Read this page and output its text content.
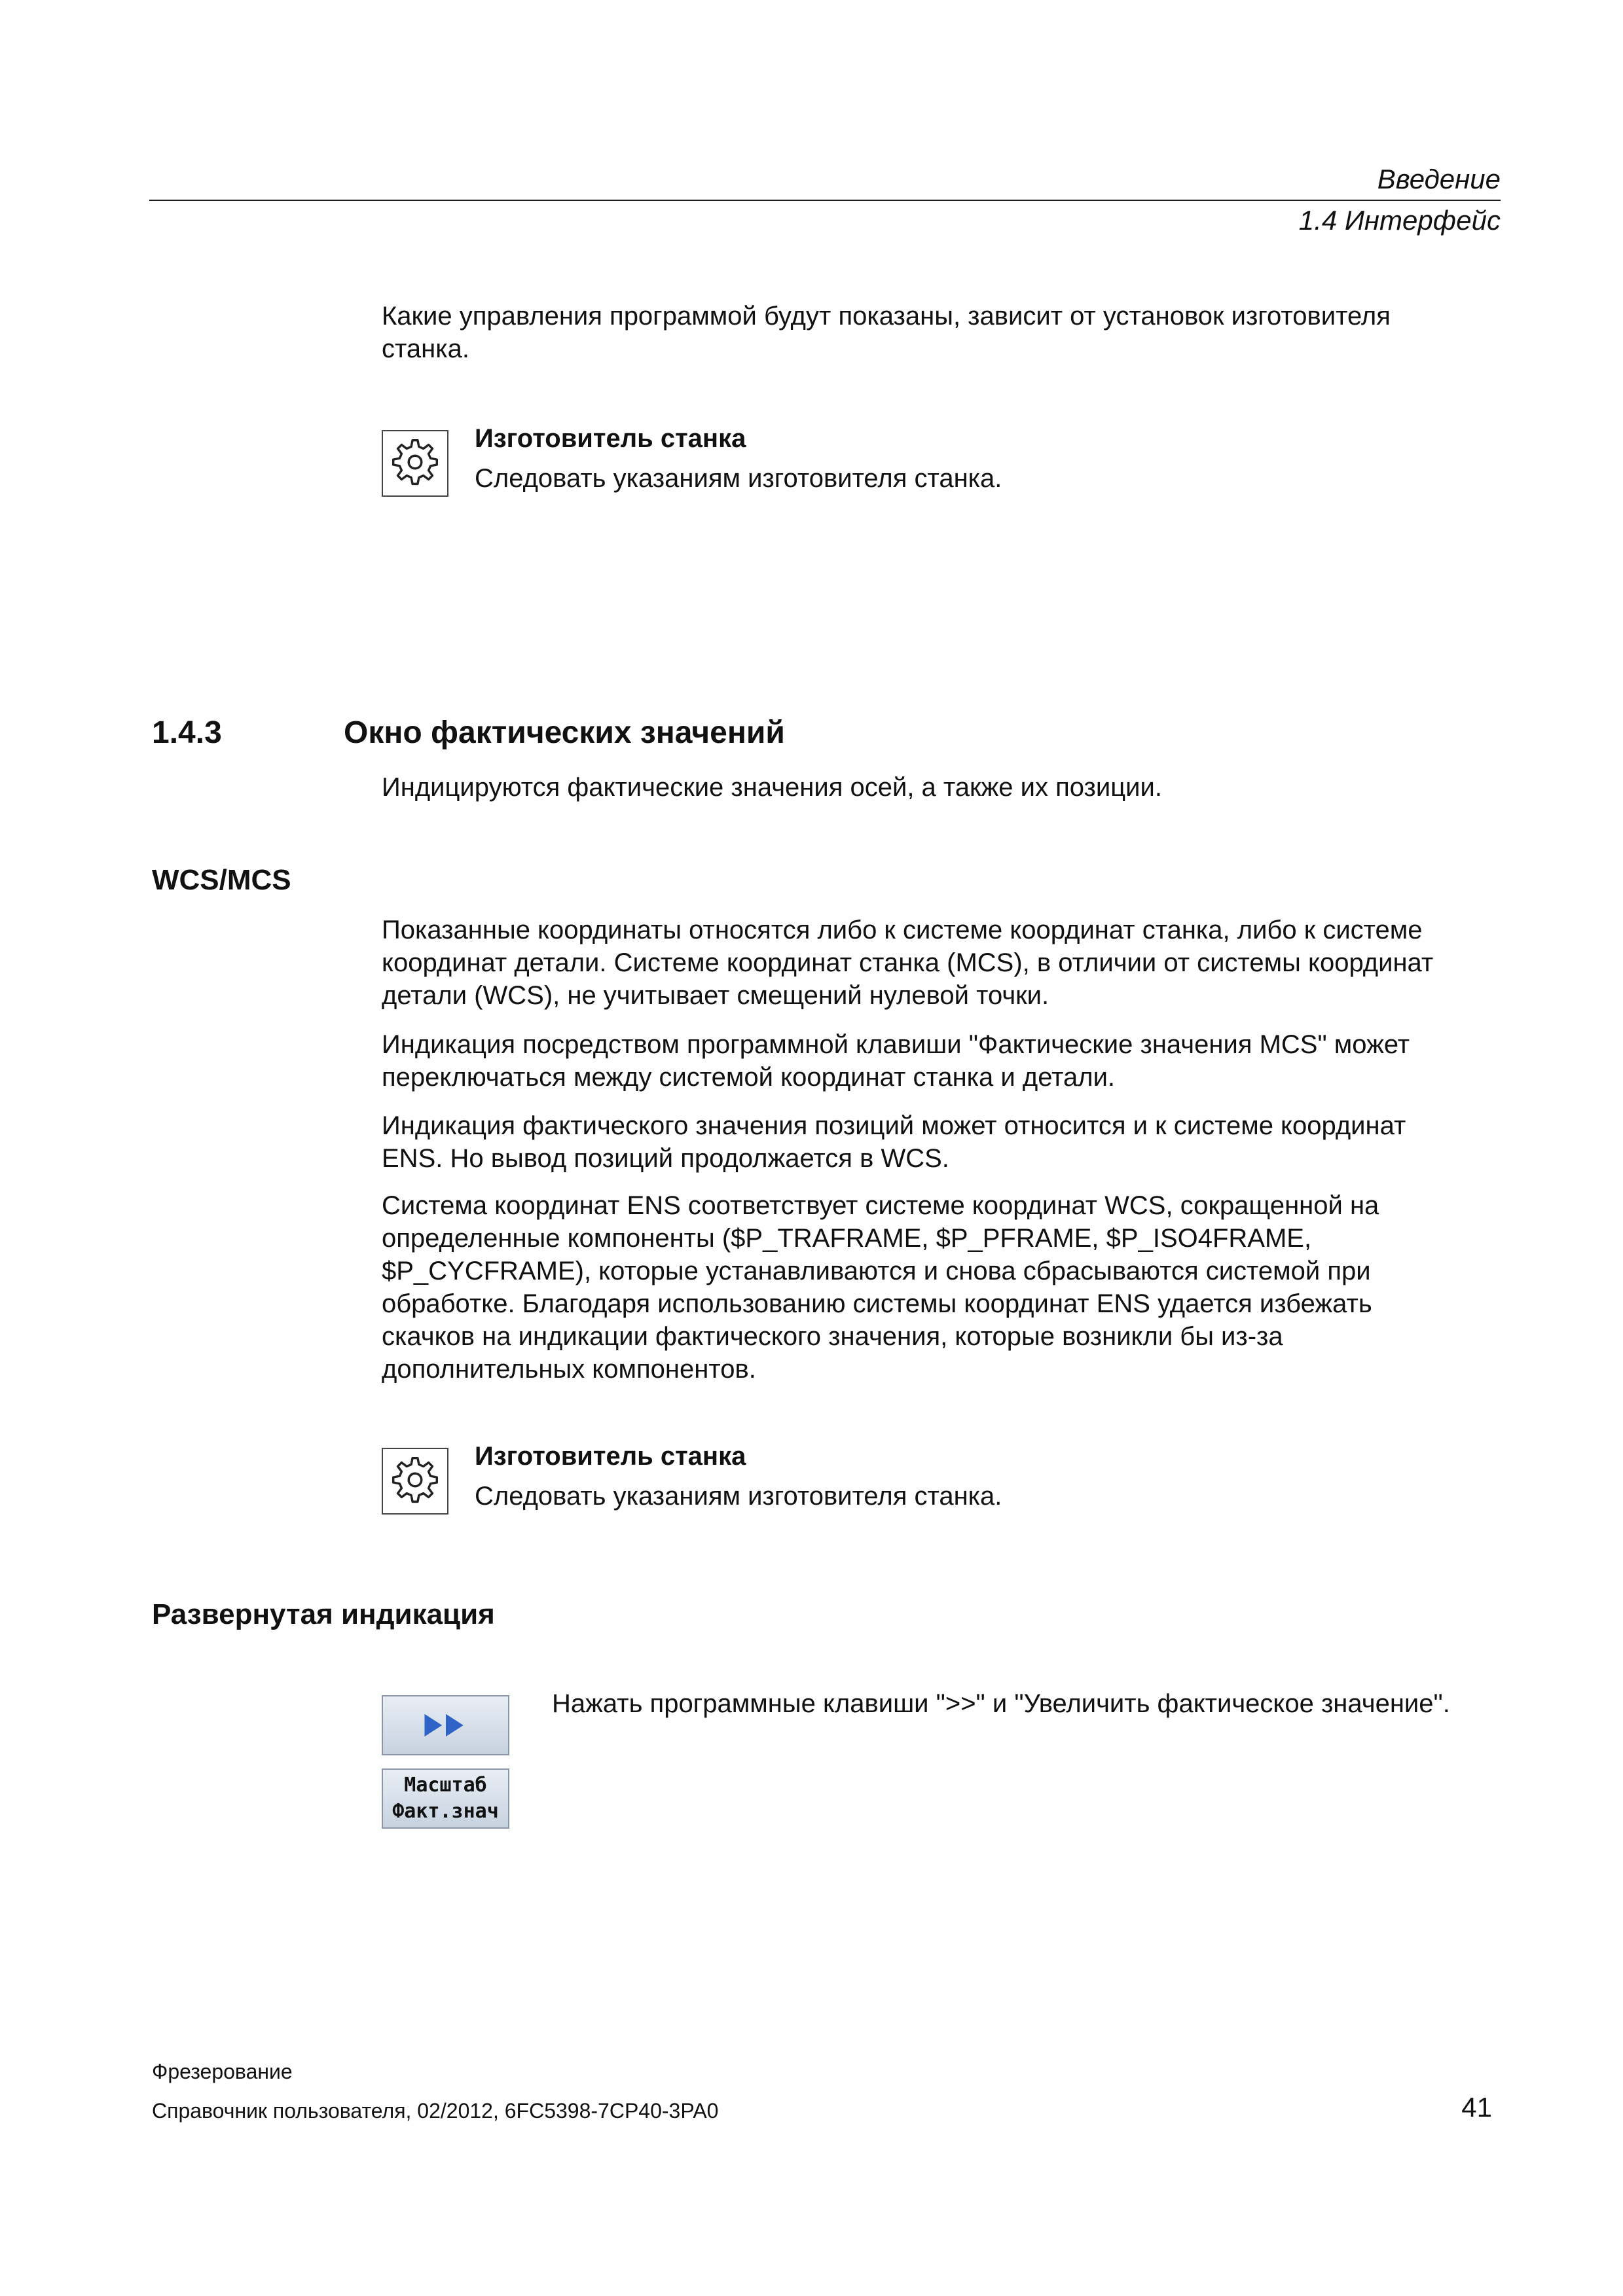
Введение
1.4 Интерфейс
Какие управления программой будут показаны, зависит от установок изготовителя
станка.
Изготовитель станка
Следовать указаниям изготовителя станка.
1.4.3	Окно фактических значений
Индицируются фактические значения осей, а также их позиции.
WCS/MCS
Показанные координаты относятся либо к системе координат станка, либо к системе
координат детали. Системе координат станка (MCS), в отличии от системы координат
детали (WCS), не учитывает смещений нулевой точки.
Индикация посредством программной клавиши "Фактические значения MCS" может
переключаться между системой координат станка и детали.
Индикация фактического значения позиций может относится и к системе координат
ENS. Но вывод позиций продолжается в WCS.
Система координат ENS соответствует системе координат WCS, сокращенной на
определенные компоненты ($P_TRAFRAME, $P_PFRAME, $P_ISO4FRAME,
$P_CYCFRAME), которые устанавливаются и снова сбрасываются системой при
обработке. Благодаря использованию системы координат ENS удается избежать
скачков на индикации фактического значения, которые возникли бы из-за
дополнительных компонентов.
Изготовитель станка
Следовать указаниям изготовителя станка.
Развернутая индикация
Масштаб
Факт.знач
Нажать программные клавиши ">>" и "Увеличить фактическое значение".
Фрезерование
Справочник пользователя, 02/2012, 6FC5398-7CP40-3PA0	41
